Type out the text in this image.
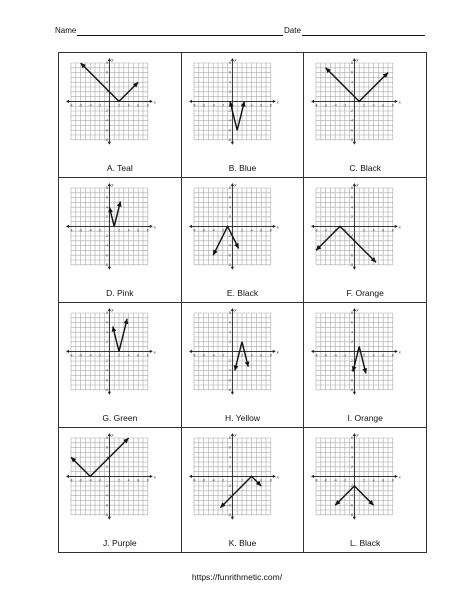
Name	Date
x
y
-8
-8
-6
-6
-4
-4
-2
-2
2
2
4
4
6
6
8
8
A. Teal
x
y
-8
-8
-6
-6
-4
-4
-2
-2
2
4
4
6
6
8
8
B. Blue
x
y
-8
-8
-6
-6
-4
-4
-2
-2
2
2
4
4
6
6
8
8
C. Black
x
y
-8
-8
-6
-6
-4
-4
-2
-2
2
2
4
4
6
6
8
8
D. Pink
x
y
-8
-8
-6
-6
-4
-4
-2
-2
2
2
4
4
6
6
8
8
E. Black
x
y
-8
-8
-6
-6
-4
-4
-2
-2
2
2
4
4
6
6
8
8
F. Orange
x
y
-8
-8
-6
-6
-4
-4
-2
-2
2
2
4
4
6
6
8
8
G. Green
x
y
-8
-8
-6
-6
-4
-4
-2
-2
2
2
4
4
6
6
8
8
H. Yellow
x
y
-8
-8
-6
-6
-4
-4
-2
-2
2
2
4
4
6
6
8
8
I. Orange
x
y
-8
-8
-6
-6
-4
-4
-2
-2
2
2
4
4
6
6
8
8
J. Purple
x
y
-8
-8
-6
-6
-4
-4
-2
-2
2
2
4
4
6
6
8
8
K. Blue
x
y
-8
-8
-6
-6
-4
-4
-2
-2
2
2
4
4
6
6
8
8
L. Black
https://funrithmetic.com/
